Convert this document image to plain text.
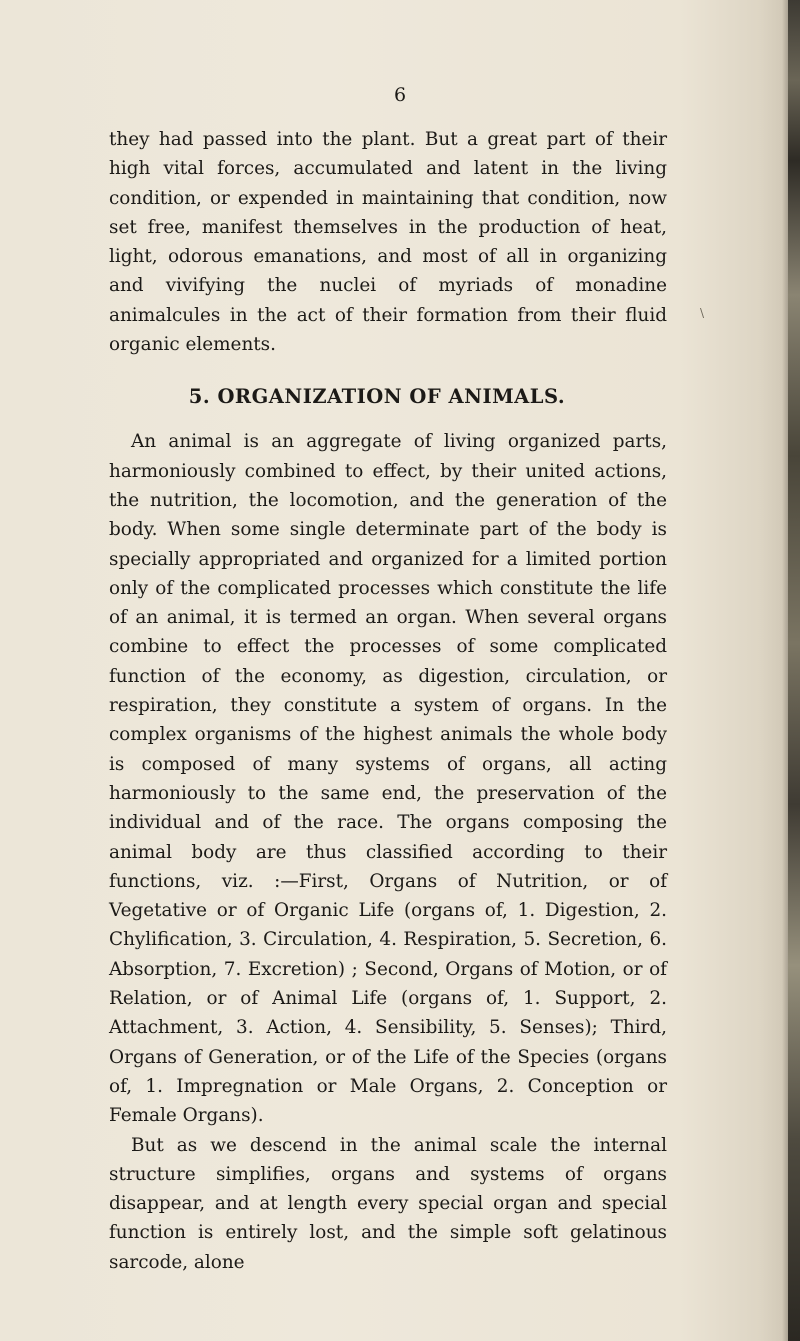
6

\

they had passed into the plant. But a great part of their high vital forces, accumulated and latent in the living condition, or expended in maintaining that condition, now set free, manifest themselves in the production of heat, light, odorous emanations, and most of all in organizing and vivifying the nuclei of myriads of monadine animalcules in the act of their formation from their fluid organic elements.

5. ORGANIZATION OF ANIMALS.

An animal is an aggregate of living organized parts, harmoniously combined to effect, by their united actions, the nutrition, the locomotion, and the generation of the body. When some single determinate part of the body is specially appropriated and organized for a limited portion only of the complicated processes which constitute the life of an animal, it is termed an organ. When several organs combine to effect the processes of some complicated function of the economy, as digestion, circulation, or respiration, they constitute a system of organs. In the complex organisms of the highest animals the whole body is composed of many systems of organs, all acting harmoniously to the same end, the preservation of the individual and of the race. The organs composing the animal body are thus classified according to their functions, viz. :—First, Organs of Nutrition, or of Vegetative or of Organic Life (organs of, 1. Digestion, 2. Chylification, 3. Circulation, 4. Respiration, 5. Secretion, 6. Absorption, 7. Excretion) ; Second, Organs of Motion, or of Relation, or of Animal Life (organs of, 1. Support, 2. Attachment, 3. Action, 4. Sensibility, 5. Senses); Third, Organs of Generation, or of the Life of the Species (organs of, 1. Impregnation or Male Organs, 2. Conception or Female Organs).

But as we descend in the animal scale the internal structure simplifies, organs and systems of organs disappear, and at length every special organ and special function is entirely lost, and the simple soft gelatinous sarcode, alone
